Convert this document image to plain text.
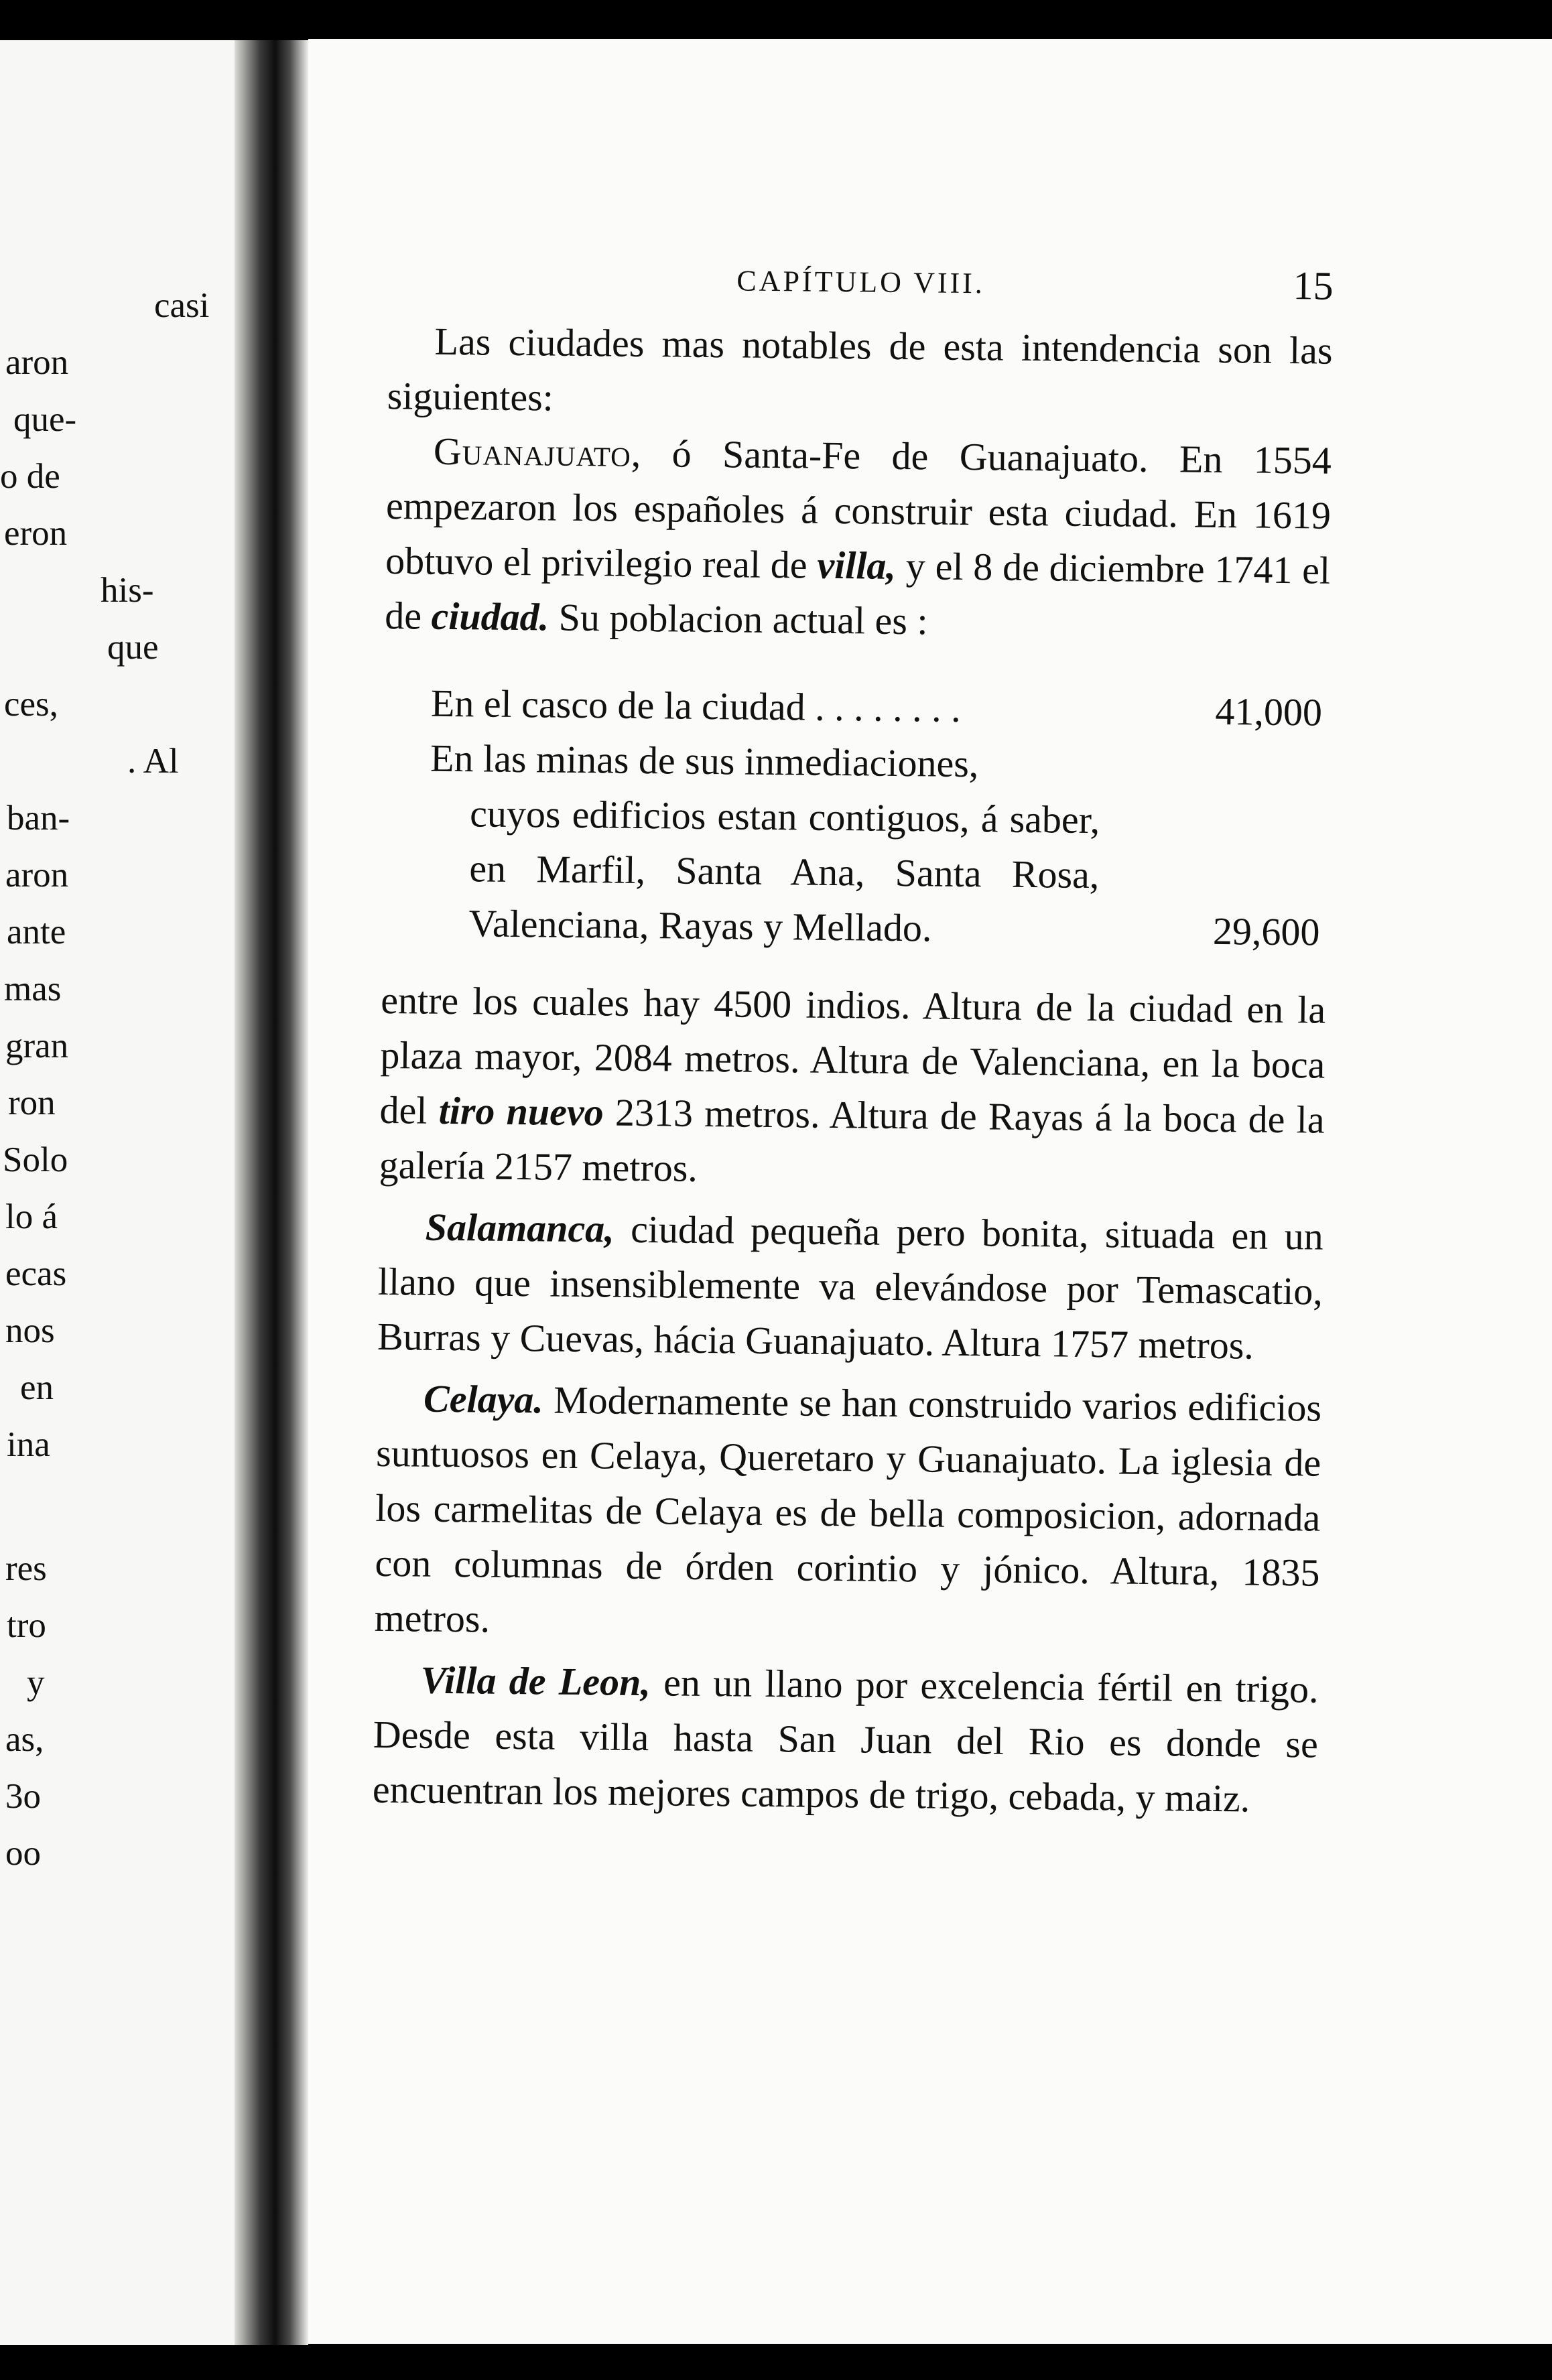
casi
aron
que-
o de
eron
his-
que
ces,
. Al
ban-
aron
ante
mas
gran
ron
Solo
lo á
ecas
nos
en
ina
res
tro
y
as,
3o
oo
CAPÍTULO VIII.	15

Las ciudades mas notables de esta intendencia son las siguientes:

Guanajuato, ó Santa-Fe de Guanajuato. En 1554 empezaron los españoles á construir esta ciudad. En 1619 obtuvo el privilegio real de villa, y el 8 de diciembre 1741 el de ciudad. Su poblacion actual es :

En el casco de la ciudad . . . . . . . .	41,000
En las minas de sus inmediaciones,
cuyos edificios estan contiguos, á saber, en Marfil, Santa Ana, Santa Rosa, Valenciana, Rayas y Mellado.	29,600

entre los cuales hay 4500 indios. Altura de la ciudad en la plaza mayor, 2084 metros. Altura de Valenciana, en la boca del tiro nuevo 2313 metros. Altura de Rayas á la boca de la galería 2157 metros.

Salamanca, ciudad pequeña pero bonita, situada en un llano que insensiblemente va elevándose por Temascatio, Burras y Cuevas, hácia Guanajuato. Altura 1757 metros.

Celaya. Modernamente se han construido varios edificios suntuosos en Celaya, Queretaro y Guanajuato. La iglesia de los carmelitas de Celaya es de bella composicion, adornada con columnas de órden corintio y jónico. Altura, 1835 metros.

Villa de Leon, en un llano por excelencia fértil en trigo. Desde esta villa hasta San Juan del Rio es donde se encuentran los mejores campos de trigo, cebada, y maiz.
